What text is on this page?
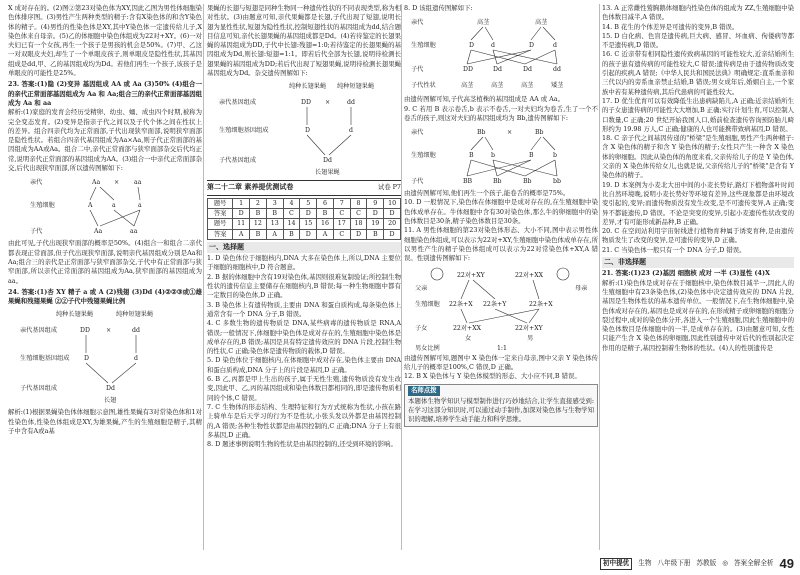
X 成对存在的。(2)图②第23对染色体为XY,因此乙图为男性体细胞染色体排序图。(3)男性产生两种类型的精子:含有X染色体的和含Y染色体的精子。(4)男性的性染色体是XY,其中Y染色体一定遗传给儿子,X染色体来自母亲。(5)乙的体细胞中染色体组成为22对+XY。(6)一对夫妇已有一个女孩,再生一个孩子是男孩的机会是50%。(7)甲、乙这一对双眼皮夫妇,却生了一个单眼皮孩子,则单眼皮是隐性性状,其基因组成是dd,甲、乙的基因组成均为Dd。若他们再生一个孩子,该孩子是单眼皮的可能性是25%。

23. 答案:(1)隐 (2)变异 基因组成 AA 或 Aa (3)50% (4)组合一的亲代正常面部基因组成为 Aa 和 Aa;组合三的亲代正常面部基因组成为 Aa 和 aa

解析:(1)家庭的发育会经历受精卵、幼虫、蛹、成虫四个时期,被称为完全变态发育。(2)变异是指亲子代之间以及子代个体之间在性状上的差异。组合四亲代均为正常面部,子代出现狭窄面部,说明狭窄面部是隐性性状。若组合四亲代基因组成为Aa×Aa,则子代正常面部的基因组成为AA或Aa。组合二中,亲代正常面部与狭窄面部杂交后代均正常,说明亲代正常面部的基因组成为AA。(3)组合一中亲代正常面部杂交,后代出现狭窄面部,所以遗传图解如下:

亲代	Aa × aa
生殖细胞	A	a	a
子代	Aa	aa

由此可见,子代出现狭窄面部的概率是50%。(4)组合一和组合二亲代都表现正常面部,但子代出现狭窄面部,说明亲代基因组成分别是Aa和Aa;组合三的亲代是正常面部与狭窄面部杂交,子代中有正常面部与狭窄面部,所以亲代正常面部的基因组成为Aa,狭窄面部的基因组成为aa。

24. 答案:(1)杏 XY 精子 a 或 A (2)残翅 (3)Dd (4)②②③或①雄果蝇和残翅果蝇 ②②子代中残翅果蝇比例

纯种长翅果蝇	纯种短翅果蝇
亲代基因组成	DD	×	dd
生殖细胞基因组成 D	d
子代基因组成	Dd
长翅

解析:(1)根据果蝇染色体体细胞示意图,雄性果蝇有3对常染色体和1对性染色体,性染色体组成是XY,为雄果蝇,产生的生殖细胞是精子,其精子中含有A或a基

果蝇的长翅与短翅是同种生物同一种遗传性状的不同表现类型,称为相对性状。(3)由题意可知,亲代果蝇都是长翅,子代出现了短翅,说明长翅为显性性状,短翅为隐性性状,控制短翅性状的基因组成为dd,结合题目信息可知,亲代长翅果蝇的基因组成都是Dd。(4)若待鉴定的长翅果蝇的基因组成为DD,子代中长翅:残翅=1:0;若待鉴定的长翅果蝇的基因组成为Dd,则长翅:短翅=1:1。即若后代全部为长翅,说明待检测长翅果蝇的基因组成为DD;若后代出现了短翅果蝇,说明待检测长翅果蝇基因组成为Dd。杂交遗传图解如下:

纯种长翅果蝇 纯种短翅果蝇
亲代基因组成	DD ×	dd
生殖细胞基因组成	D	d
子代基因组成	Dd
长翅果蝇
第二十二章 素养提优测试卷	试卷 P7
题号	1	2	3	4	5	6	7	8	9	10
答案	D	B	B	C	D	B	C	C	D	D
题号	11	12	13	14	15	16	17	18	19	20
答案	A	B	A	B	D	A	C	D	B	D
一、选择题

1. D 染色体位于细胞核内,DNA 大多在染色体上,所以,DNA 主要位于细胞的细胞核中,D 符合题意。

2. B 据的体细胞中含有19对染色体,基因则很难复制验证;所控制生物性状的遗传信息主要储存在细胞核内,B 错误;每一种生物细胞中都有一定数目的染色体,D 正确。

3. B 染色体上有遗传物质,主要由 DNA 和蛋白质构成,每条染色体上通常含有一个 DNA 分子,B 错误。

4. C 多数生物的遗传物质是 DNA,某些病毒的遗传物质是 RNA,A 错误;一般情况下,体细胞中染色体是成对存在的,生殖细胞中染色体是成单存在的,B 错误;基因是具有特定遗传效应的 DNA 片段,控制生物的性状,C 正确;染色体是遗传物质的载体,D 错误。

5. D 染色体位于细胞核内,在体细胞中成对存在,染色体主要由 DNA 和蛋白质构成,DNA 分子上的片段是基因,D 正确。

6. B 乙,丙都是甲上生出的孩子,属于无性生殖,遗传物质没有发生改变,因此甲、乙,丙的基因组成和染色体数目都相同的,即是遗传物质相同的个体,C 错误。

7. C 生物体的形态结构、生理特征和行为方式统称为性状,小孩在路上骑单车是后天学习的行为不是性状,小张头发以外都是由基因控制的,A 错误;各种生物性状都是由基因控制的,C 正确;DNA 分子上有很多基因,D 正确。

8. D 题述事例说明生物的性状是由基因控制的,还受到环境的影响。

8. D 该组遗传图解如下:

亲代	高茎	高茎
生殖细胞	D	d	D	d
子代	DD	Dd	Dd	dd
子代性状	高茎	高茎	高茎	矮茎

由遗传图解可知,子代高茎植株的基因组成是 AA 或 Aa。

9. C 若用 B 表示卷舌,b 表示不卷舌,一对夫妇均为卷舌,生了一个不卷舌的孩子,则这对夫妇的基因组成均为 Bb,遗传图解如下:

亲代	Bb	×	Bb
生殖细胞	B	b	B	b
子代	BB	Bb	Bb	bb

由遗传图解可知,他们再生一个孩子,能卷舌的概率是75%。

10. D 一般情况下,染色体在体细胞中是成对存在的,在生殖细胞中染色体成单存在。牛体细胞中含有30对染色体,那么牛的卵细胞中的染色体数目是30条,精子染色体数目是30条。

11. A 男性体细胞的第23对染色体形态、大小不同,图中表示男性体细胞染色体组成,可以表示为22对+XY,生殖细胞中染色体成单存在,所以男性产生的精子染色体组成可以表示为22对常染色体+XY,A 错误。性别遗传图解如下:

父亲
22对+XY	22对+XX
母亲
生殖细胞 22条+X 22条+Y	22条+X
子女	22对+XX	22对+XY
女	男
男女比例	1:1

由遗传图解可知,题图中 X 染色体一定来自母亲,图中父亲 Y 染色体传给儿子的概率是100%,C 错误,D 正确。

12. B X 染色体与 Y 染色体模型的形态、大小应不同,B 错误。

名师点拨

本题体生物学知识与模型制作进行巧妙地结合,让学生直接感受到:在学习这部分知识时,可以通过动手制作,加深对染色体与生物学知识的理解,培养学生动手能力和科学思维。

13. A 正常雌性鹫胸鹅体细胞内性染色体的组成为 ZZ,生殖细胞中染色体数目减半,A 错误。

14. B 花生的个体差异是可遗传的变异,B 错误。

15. D 白化病、色盲是遗传病,巨大病、感冒、坏血病、佝偻病等都不是遗传病,D 错误。

16. C 近亲带有相同隐性遗传致病基因的可能性较大,近亲结婚所生的孩子患有遗传病的可能性较大,C 错误;遗传病是由于遗传物质改变引起的疾病,A 错误;《中华人民共和国民法典》明确规定:直系血亲和三代以内的旁系血亲禁止结婚,B 错误;男女成年后,婚姻自主,一个家族中若有某种遗传病,其后代患病的可能性较大。

17. D 优生优育可以有效降低生出患病缺陷儿,A 正确;近亲结婚所生的子女患遗传病的可能性大大增加,B 正确;实行计划生育,可以控制人口数量,C 正确;20 世纪开始我国人口,婚前检查遗传咨询预防胎儿畸形约为 19.98 万人,C 正确;健康的人也可能携带致病基因,D 错误。

18. C 亲子代之间基因传递的"桥梁"是生殖细胞,男性产生两种精子:含 X 染色体的精子和含 Y 染色体的精子;女性只产生一种含 X 染色体的卵细胞。因此从染色体的角度来看,父亲传给儿子的是 Y 染色体,父亲的 X 染色体传给女儿,也就是说,父亲传给儿子的"桥梁"是含有 Y 染色体的精子。

19. D 本案例为小麦北大田中间的小麦长势好,路灯下植物落叶时间比自然环境晚,说明小麦长势好等环境有差异,这些现象都是由环境改变引起的,变异;而遗传物质没有发生改变,是不可遗传变异,A 正确;变异不都能遗传,D 错误。不论是突变的变异,引起小麦遗传性状改变的差异,才有可能形成新品种,B 正确。

20. C 在空间站利用宇宙射线进行植物育种属于诱变育种,是由遗传物质发生了改变的变异,是可遗传的变异,D 正确。

21. C 当染色体一般只有一个 DNA 分子,D 错误。

二、非选择题

21. 答案:(1)23 (2)基因 细胞核 成对 一半 (3)显性 (4)X

解析:(1)染色体是成对存在于细胞核中,染色体数目减半一,因此人的生殖细胞中有23条染色体,(2)染色体中决定遗传效应的 DNA 片段,基因是生物体性状的基本遗传单位。一般情况下,在生物体细胞中,染色体成对存在的,基因也是成对存在的,在形成精子或卵细胞的细胞分裂过程中,成对的染色体分开,各进入一个生殖细胞,因此生殖细胞中的染色体数目是体细胞中的一半,是成单存在的。(3)由题意可知,女性只能产生含 X 染色体的卵细胞,因此性别遗传中对后代的性别起决定作用的是精子,基因控制着生物体的性状。(4)人的性别遗传是

初中提优	生物 八年级下册 苏教版 ◎ 答案全解全析 49
